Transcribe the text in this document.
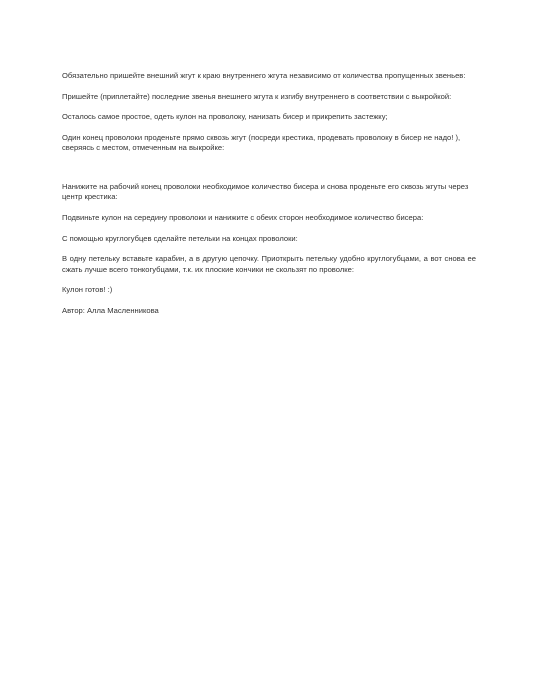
Обязательно пришейте внешний жгут к краю внутреннего жгута независимо от количества пропущенных звеньев:

Пришейте (приплетайте) последние звенья внешнего жгута к изгибу внутреннего в соответствии с выкройкой:

Осталось самое простое, одеть кулон на проволоку, нанизать бисер и прикрепить застежку;

Один конец проволоки проденьте прямо сквозь жгут (посреди крестика, продевать проволоку в бисер не надо! ), сверяясь с местом, отмеченным на выкройке:

Нанижите на рабочий конец проволоки необходимое количество бисера и снова проденьте его сквозь жгуты через центр крестика:

Подвиньте кулон на середину проволоки и нанижите с обеих сторон необходимое количество бисера:

С помощью круглогубцев сделайте петельки на концах проволоки:

В одну петельку вставьте карабин, а в другую цепочку. Приоткрыть петельку удобно круглогубцами, а вот снова ее сжать лучше всего тонкогубцами, т.к. их плоские кончики не скользят по проволке:

Кулон готов! :)

Автор: Алла Масленникова
